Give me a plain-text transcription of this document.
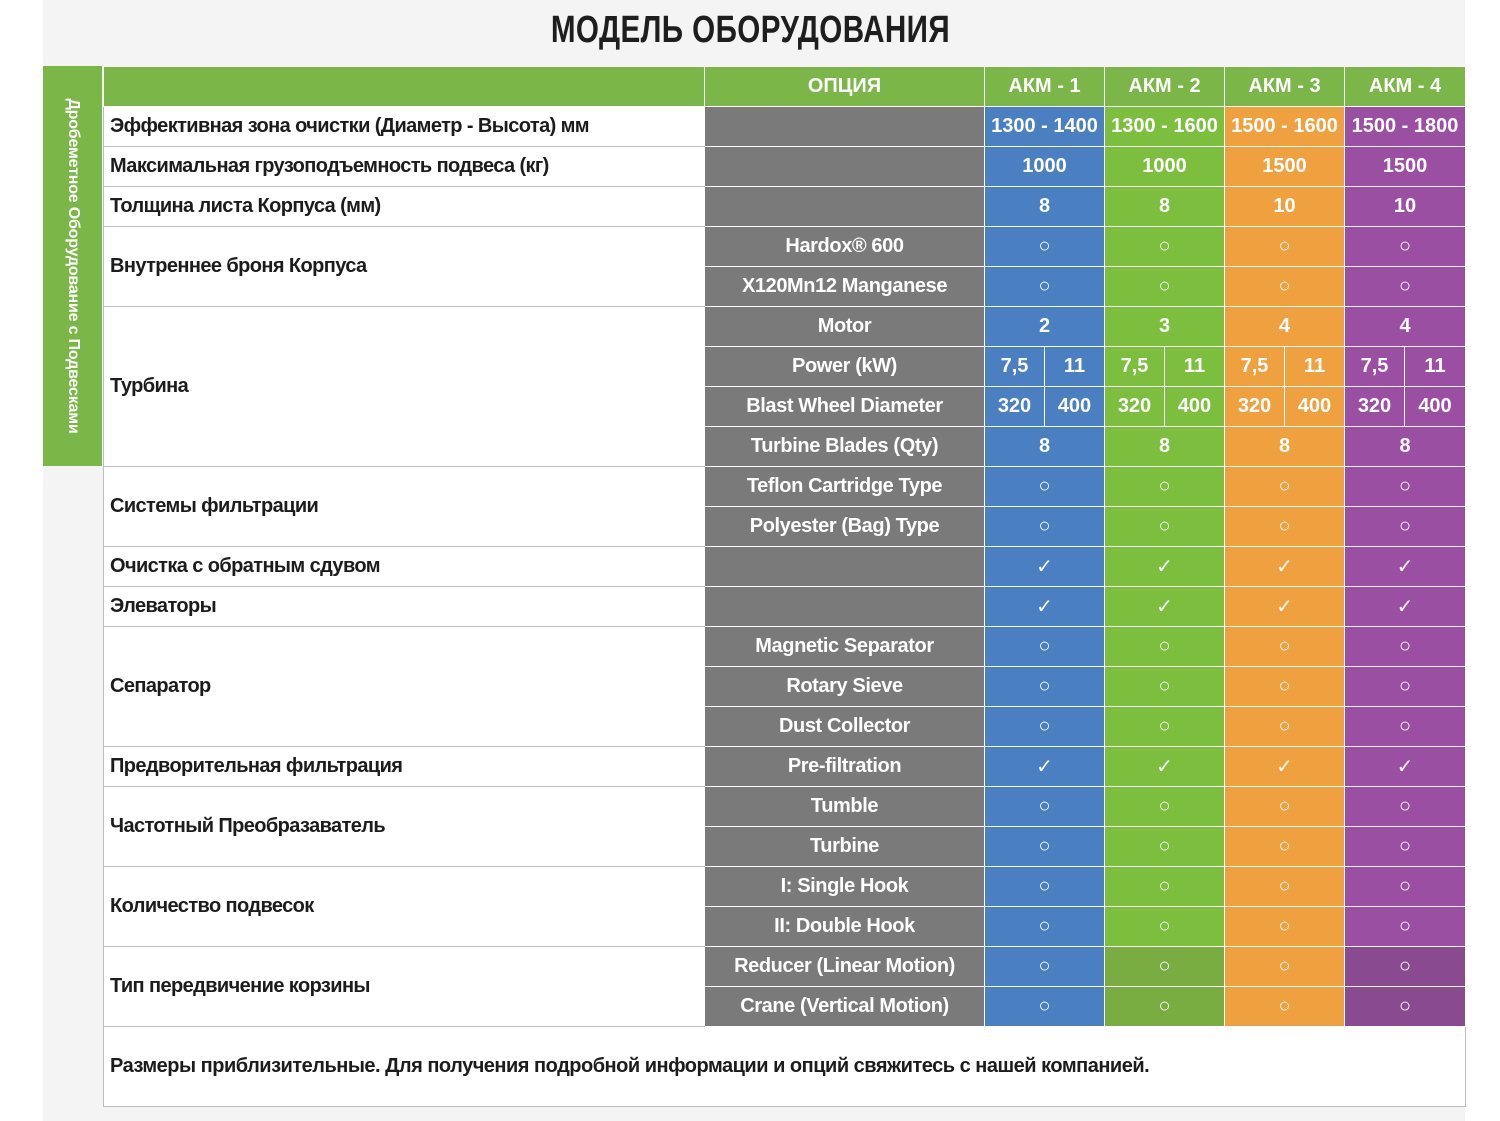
МОДЕЛЬ ОБОРУДОВАНИЯ
Дробеметное Оборудование с Подвесками
	ОПЦИЯ	АКМ - 1		АКМ - 2		АКМ - 3		АКМ - 4	
Эффективная зона очистки (Диаметр - Высота) мм		1300 - 1400		1300 - 1600		1500 - 1600		1500 - 1800	
Максимальная грузоподъемность подвеса (кг)		1000		1000		1500		1500	
Толщина листа Корпуса (мм)		8		8		10		10	
Внутреннее броня Корпуса	Hardox® 600	○		○		○		○	
	X120Mn12 Manganese	○		○		○		○	
Турбина	Motor	2		3		4		4	
	Power (kW)	7,5	11	7,5	11	7,5	11	7,5	11
	Blast Wheel Diameter	320	400	320	400	320	400	320	400
	Turbine Blades (Qty)	8		8		8		8	
Системы фильтрации	Teflon Cartridge Type	○		○		○		○	
	Polyester (Bag) Type	○		○		○		○	
Очистка с обратным сдувом		✓		✓		✓		✓	
Элеваторы		✓		✓		✓		✓	
Сепаратор	Magnetic Separator	○		○		○		○	
	Rotary Sieve	○		○		○		○	
	Dust Collector	○		○		○		○	
Предворительная фильтрация	Pre-filtration	✓		✓		✓		✓	
Частотный Преобразаватель	Tumble	○		○		○		○	
	Turbine	○		○		○		○	
Количество подвесок	I: Single Hook	○		○		○		○	
	II: Double Hook	○		○		○		○	
Тип передвичение корзины	Reducer (Linear Motion)	○		○		○		○	
	Crane (Vertical Motion)	○		○		○		○	
Размеры приблизительные. Для получения подробной информации и опций свяжитесь с нашей компанией.									
